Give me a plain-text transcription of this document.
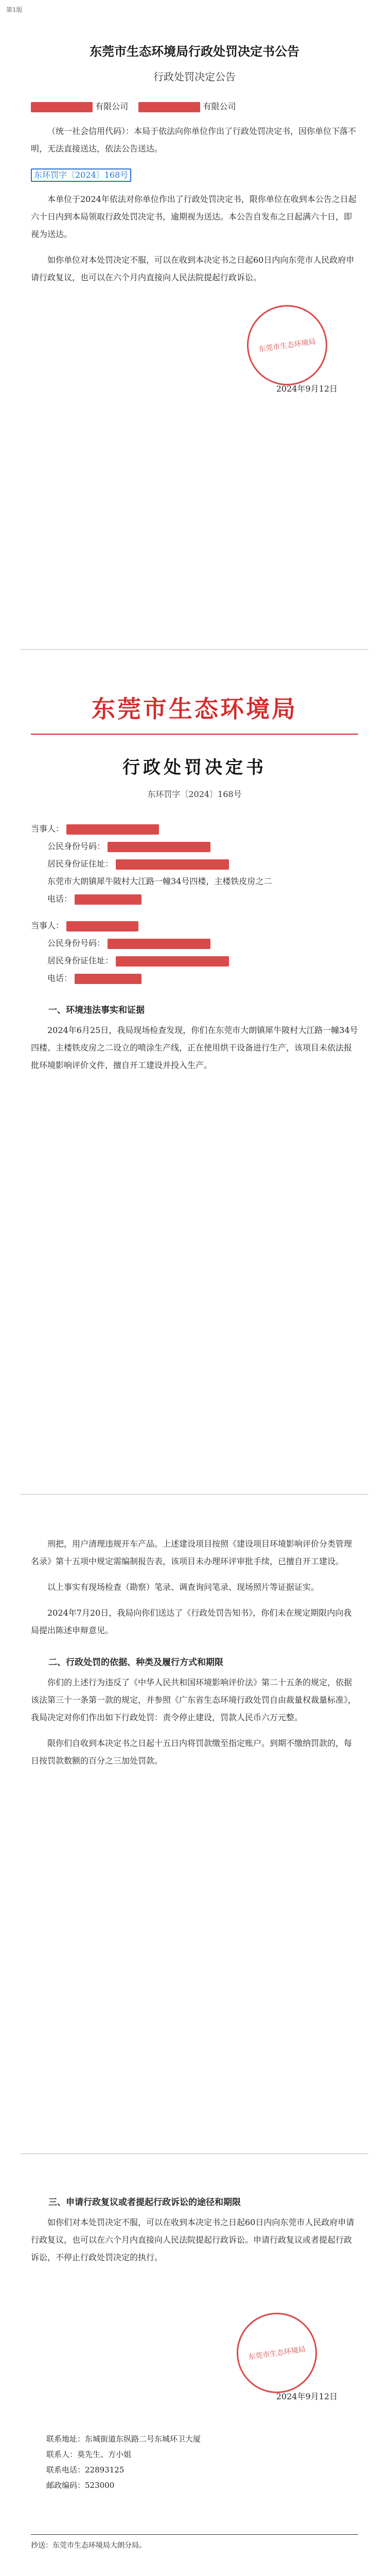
第1版
东莞市生态环境局行政处罚决定书公告
行政处罚决定公告
有限公司	有限公司

（统一社会信用代码）：本局于依法向你单位作出了行政处罚决定书，因你单位下落不明，无法直接送达，依法公告送达。

东环罚字〔2024〕168号

本单位于2024年依法对你单位作出了行政处罚决定书，限你单位在收到本公告之日起六十日内到本局领取行政处罚决定书，逾期视为送达。本公告自发布之日起满六十日，即视为送达。

如你单位对本处罚决定不服，可以在收到本决定书之日起60日内向东莞市人民政府申请行政复议，也可以在六个月内直接向人民法院提起行政诉讼。

东莞市生态环境局
2024年9月12日
东莞市生态环境局
行政处罚决定书
东环罚字〔2024〕168号
当事人：
公民身份号码：
居民身份证住址：
东莞市大朗镇犀牛陂村大江路一幢34号四楼，主楼铁皮房之二
电话：
当事人：
公民身份号码：
居民身份证住址：
电话：
一、环境违法事实和证据

2024年6月25日，我局现场检查发现，你们在东莞市大朗镇犀牛陂村大江路一幢34号四楼、主楼铁皮房之二设立的喷涂生产线，正在使用烘干设备进行生产，该项目未依法报批环境影响评价文件，擅自开工建设并投入生产。

刑把，用户清理违规开车产品。上述建设项目按照《建设项目环境影响评价分类管理名录》第十五项中规定需编制报告表，该项目未办理环评审批手续，已擅自开工建设。

以上事实有现场检查（勘察）笔录、调查询问笔录、现场照片等证据证实。

2024年7月20日，我局向你们送达了《行政处罚告知书》，你们未在规定期限内向我局提出陈述申辩意见。

二、行政处罚的依据、种类及履行方式和期限

你们的上述行为违反了《中华人民共和国环境影响评价法》第二十五条的规定，依据该法第三十一条第一款的规定，并参照《广东省生态环境行政处罚自由裁量权裁量标准》，我局决定对你们作出如下行政处罚：责令停止建设，罚款人民币六万元整。

限你们自收到本决定书之日起十五日内将罚款缴至指定账户。到期不缴纳罚款的，每日按罚款数额的百分之三加处罚款。

三、申请行政复议或者提起行政诉讼的途径和期限

如你们对本处罚决定不服，可以在收到本决定书之日起60日内向东莞市人民政府申请行政复议，也可以在六个月内直接向人民法院提起行政诉讼。申请行政复议或者提起行政诉讼，不停止行政处罚决定的执行。

东莞市生态环境局
2024年9月12日
联系地址：东城街道东纵路二号东城环卫大厦
联系人：莫先生、方小姐
联系电话：22893125
邮政编码：523000
抄送：东莞市生态环境局大朗分局。
